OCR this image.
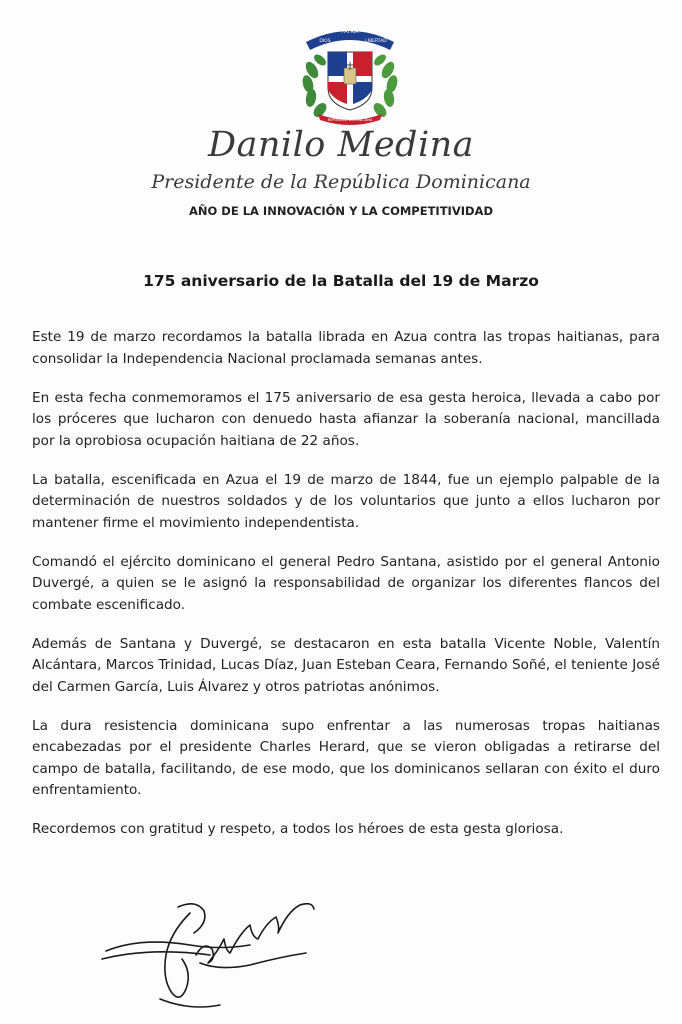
PATRIA
DIOS	LIBERTAD
REPÚBLICA DOMINICANA
Danilo Medina
Presidente de la República Dominicana
AÑO DE LA INNOVACIÓN Y LA COMPETITIVIDAD
175 aniversario de la Batalla del 19 de Marzo

Este 19 de marzo recordamos la batalla librada en Azua contra las tropas haitianas, para consolidar la Independencia Nacional proclamada semanas antes.

En esta fecha conmemoramos el 175 aniversario de esa gesta heroica, llevada a cabo por los próceres que lucharon con denuedo hasta afianzar la soberanía nacional, mancillada por la oprobiosa ocupación haitiana de 22 años.

La batalla, escenificada en Azua el 19 de marzo de 1844, fue un ejemplo palpable de la determinación de nuestros soldados y de los voluntarios que junto a ellos lucharon por mantener firme el movimiento independentista.

Comandó el ejército dominicano el general Pedro Santana, asistido por el general Antonio Duvergé, a quien se le asignó la responsabilidad de organizar los diferentes flancos del combate escenificado.

Además de Santana y Duvergé, se destacaron en esta batalla Vicente Noble, Valentín Alcántara, Marcos Trinidad, Lucas Díaz, Juan Esteban Ceara, Fernando Soñé, el teniente José del Carmen García, Luis Álvarez y otros patriotas anónimos.

La dura resistencia dominicana supo enfrentar a las numerosas tropas haitianas encabezadas por el presidente Charles Herard, que se vieron obligadas a retirarse del campo de batalla, facilitando, de ese modo, que los dominicanos sellaran con éxito el duro enfrentamiento.

Recordemos con gratitud y respeto, a todos los héroes de esta gesta gloriosa.
